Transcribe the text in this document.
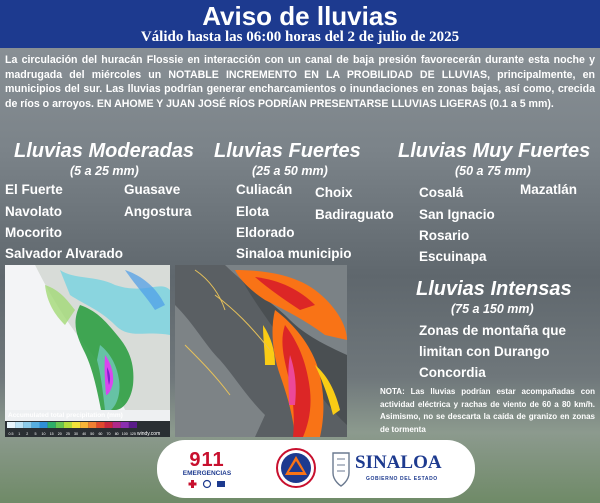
Aviso de lluvias
Válido hasta las 06:00 horas del 2 de julio de 2025
La circulación del huracán Flossie en interacción con un canal de baja presión favorecerán durante esta noche y madrugada del miércoles un NOTABLE INCREMENTO EN LA PROBILIDAD DE LLUVIAS, principalmente, en municipios del sur. Las lluvias podrían generar encharcamientos o inundaciones en zonas bajas, así como, crecida de ríos o arroyos. EN AHOME Y JUAN JOSÉ RÍOS PODRÍAN PRESENTARSE LLUVIAS LIGERAS (0.1 a 5 mm).
Lluvias Moderadas
(5 a 25 mm)
El Fuerte	Guasave
Navolato	Angostura
Mocorito
Salvador Alvarado
Lluvias Fuertes
(25 a 50 mm)
Culiacán Choix
Elota	Badiraguato
Eldorado
Sinaloa municipio
Lluvias Muy Fuertes
(50 a 75 mm)
Cosalá	Mazatlán
San Ignacio
Rosario
Escuinapa
Lluvias Intensas
(75 a 150 mm)
Zonas de montaña que limitan con Durango
Concordia
NOTA: Las lluvias podrían estar acompañadas con actividad eléctrica y rachas de viento de 60 a 80 km/h. Asimismo, no se descarta la caída de granizo en zonas de tormenta
Accumulated total precipitation (mm)
0.5 1 2 5 10 15 20 25 30 40 50 60 70 80 100 125 windy.com
911
EMERGENCIAS
SINALOA
GOBIERNO DEL ESTADO
